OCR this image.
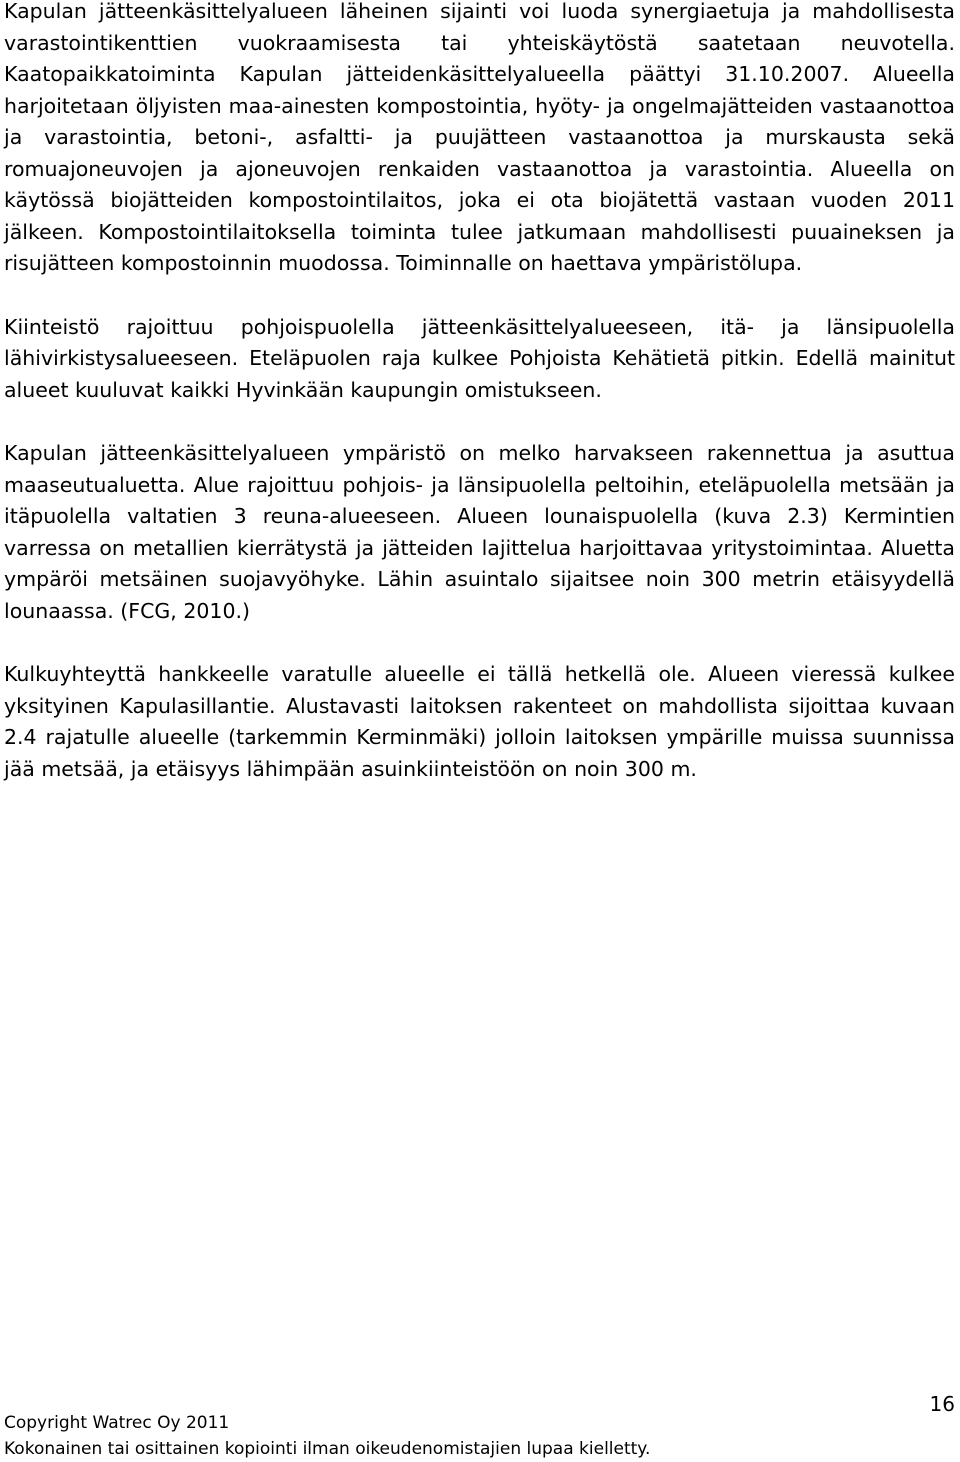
Kapulan jätteenkäsittelyalueen läheinen sijainti voi luoda synergiaetuja ja mahdollisesta varastointikenttien vuokraamisesta tai yhteiskäytöstä saatetaan neuvotella. Kaatopaikkatoiminta Kapulan jätteidenkäsittelyalueella päättyi 31.10.2007. Alueella harjoitetaan öljyisten maa-ainesten kompostointia, hyöty- ja ongelmajätteiden vastaanottoa ja varastointia, betoni-, asfaltti- ja puujätteen vastaanottoa ja murskausta sekä romuajoneuvojen ja ajoneuvojen renkaiden vastaanottoa ja varastointia. Alueella on käytössä biojätteiden kompostointilaitos, joka ei ota biojätettä vastaan vuoden 2011 jälkeen. Kompostointilaitoksella toiminta tulee jatkumaan mahdollisesti puuaineksen ja risujätteen kompostoinnin muodossa. Toiminnalle on haettava ympäristölupa.

Kiinteistö rajoittuu pohjoispuolella jätteenkäsittelyalueeseen, itä- ja länsipuolella lähivirkistysalueeseen. Eteläpuolen raja kulkee Pohjoista Kehätietä pitkin. Edellä mainitut alueet kuuluvat kaikki Hyvinkään kaupungin omistukseen.

Kapulan jätteenkäsittelyalueen ympäristö on melko harvakseen rakennettua ja asuttua maaseutualuetta. Alue rajoittuu pohjois- ja länsipuolella peltoihin, eteläpuolella metsään ja itäpuolella valtatien 3 reuna-alueeseen. Alueen lounaispuolella (kuva 2.3) Kermintien varressa on metallien kierrätystä ja jätteiden lajittelua harjoittavaa yritystoimintaa. Aluetta ympäröi metsäinen suojavyöhyke. Lähin asuintalo sijaitsee noin 300 metrin etäisyydellä lounaassa. (FCG, 2010.)

Kulkuyhteyttä hankkeelle varatulle alueelle ei tällä hetkellä ole. Alueen vieressä kulkee yksityinen Kapulasillantie. Alustavasti laitoksen rakenteet on mahdollista sijoittaa kuvaan 2.4 rajatulle alueelle (tarkemmin Kerminmäki) jolloin laitoksen ympärille muissa suunnissa jää metsää, ja etäisyys lähimpään asuinkiinteistöön on noin 300 m.

16
Copyright Watrec Oy 2011
Kokonainen tai osittainen kopiointi ilman oikeudenomistajien lupaa kielletty.
